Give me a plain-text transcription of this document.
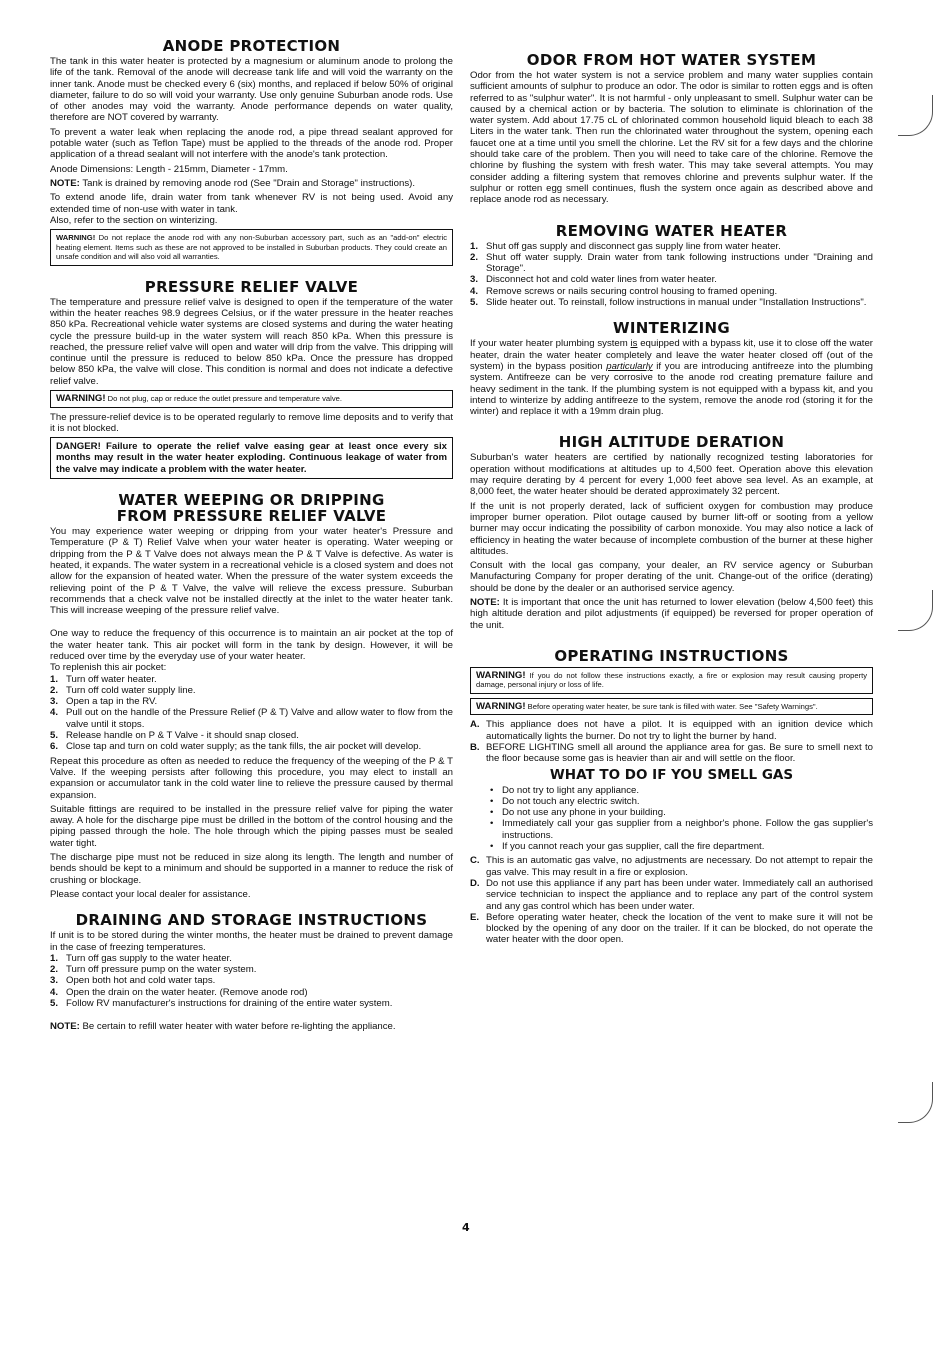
ANODE PROTECTION

The tank in this water heater is protected by a magnesium or aluminum anode to prolong the life of the tank. Removal of the anode will decrease tank life and will void the warranty on the inner tank. Anode must be checked every 6 (six) months, and replaced if below 50% of original diameter, failure to do so will void your warranty. Use only genuine Suburban anode rods. Use of other anodes may void the warranty. Anode performance depends on water quality, therefore are NOT covered by warranty.

To prevent a water leak when replacing the anode rod, a pipe thread sealant approved for potable water (such as Teflon Tape) must be applied to the threads of the anode rod. Proper application of a thread sealant will not interfere with the anode's tank protection.

Anode Dimensions: Length - 215mm, Diameter - 17mm.

NOTE: Tank is drained by removing anode rod (See "Drain and Storage" instructions).

To extend anode life, drain water from tank whenever RV is not being used. Avoid any extended time of non-use with water in tank.

Also, refer to the section on winterizing.

WARNING! Do not replace the anode rod with any non-Suburban accessory part, such as an "add-on" electric heating element. Items such as these are not approved to be installed in Suburban products. They could create an unsafe condition and will also void all warranties.

PRESSURE RELIEF VALVE

The temperature and pressure relief valve is designed to open if the temperature of the water within the heater reaches 98.9 degrees Celsius, or if the water pressure in the heater reaches 850 kPa. Recreational vehicle water systems are closed systems and during the water heating cycle the pressure build-up in the water system will reach 850 kPa. When this pressure is reached, the pressure relief valve will open and water will drip from the valve. This dripping will continue until the pressure is reduced to below 850 kPa. Once the pressure has dropped below 850 kPa, the valve will close. This condition is normal and does not indicate a defective relief valve.

WARNING! Do not plug, cap or reduce the outlet pressure and temperature valve.

The pressure-relief device is to be operated regularly to remove lime deposits and to verify that it is not blocked.

DANGER! Failure to operate the relief valve easing gear at least once every six months may result in the water heater exploding. Continuous leakage of water from the valve may indicate a problem with the water heater.

WATER WEEPING OR DRIPPING
FROM PRESSURE RELIEF VALVE

You may experience water weeping or dripping from your water heater's Pressure and Temperature (P & T) Relief Valve when your water heater is operating. Water weeping or dripping from the P & T Valve does not always mean the P & T Valve is defective. As water is heated, it expands. The water system in a recreational vehicle is a closed system and does not allow for the expansion of heated water. When the pressure of the water system exceeds the relieving point of the P & T Valve, the valve will relieve the excess pressure. Suburban recommends that a check valve not be installed directly at the inlet to the water heater tank. This will increase weeping of the pressure relief valve.

One way to reduce the frequency of this occurrence is to maintain an air pocket at the top of the water heater tank. This air pocket will form in the tank by design. However, it will be reduced over time by the everyday use of your water heater.

To replenish this air pocket:

1. Turn off water heater.
2. Turn off cold water supply line.
3. Open a tap in the RV.
4. Pull out on the handle of the Pressure Relief (P & T) Valve and allow water to flow from the valve until it stops.
5. Release handle on P & T Valve - it should snap closed.
6. Close tap and turn on cold water supply; as the tank fills, the air pocket will develop.

Repeat this procedure as often as needed to reduce the frequency of the weeping of the P & T Valve. If the weeping persists after following this procedure, you may elect to install an expansion or accumulator tank in the cold water line to relieve the pressure caused by thermal expansion.

Suitable fittings are required to be installed in the pressure relief valve for piping the water away. A hole for the discharge pipe must be drilled in the bottom of the control housing and the piping passed through the hole. The hole through which the piping passes must be sealed water tight.

The discharge pipe must not be reduced in size along its length. The length and number of bends should be kept to a minimum and should be supported in a manner to reduce the risk of crushing or blockage.

Please contact your local dealer for assistance.

DRAINING AND STORAGE INSTRUCTIONS

If unit is to be stored during the winter months, the heater must be drained to prevent damage in the case of freezing temperatures.

1. Turn off gas supply to the water heater.
2. Turn off pressure pump on the water system.
3. Open both hot and cold water taps.
4. Open the drain on the water heater. (Remove anode rod)
5. Follow RV manufacturer's instructions for draining of the entire water system.

NOTE: Be certain to refill water heater with water before re-lighting the appliance.

ODOR FROM HOT WATER SYSTEM

Odor from the hot water system is not a service problem and many water supplies contain sufficient amounts of sulphur to produce an odor. The odor is similar to rotten eggs and is often referred to as "sulphur water". It is not harmful - only unpleasant to smell. Sulphur water can be caused by a chemical action or by bacteria. The solution to eliminate is chlorination of the water system. Add about 17.75 cL of chlorinated common household liquid bleach to each 38 Liters in the water tank. Then run the chlorinated water throughout the system, opening each faucet one at a time until you smell the chlorine. Let the RV sit for a few days and the chlorine should take care of the problem. Then you will need to take care of the chlorine. Remove the chlorine by flushing the system with fresh water. This may take several attempts. You may consider adding a filtering system that removes chlorine and prevents sulphur water. If the sulphur or rotten egg smell continues, flush the system once again as described above and replace anode rod as necessary.

REMOVING WATER HEATER
1. Shut off gas supply and disconnect gas supply line from water heater.
2. Shut off water supply. Drain water from tank following instructions under "Draining and Storage".
3. Disconnect hot and cold water lines from water heater.
4. Remove screws or nails securing control housing to framed opening.
5. Slide heater out. To reinstall, follow instructions in manual under "Installation Instructions".
WINTERIZING

If your water heater plumbing system is equipped with a bypass kit, use it to close off the water heater, drain the water heater completely and leave the water heater closed off (out of the system) in the bypass position particularly if you are introducing antifreeze into the plumbing system. Antifreeze can be very corrosive to the anode rod creating premature failure and heavy sediment in the tank. If the plumbing system is not equipped with a bypass kit, and you intend to winterize by adding antifreeze to the system, remove the anode rod (storing it for the winter) and replace it with a 19mm drain plug.

HIGH ALTITUDE DERATION

Suburban's water heaters are certified by nationally recognized testing laboratories for operation without modifications at altitudes up to 4,500 feet. Operation above this elevation may require derating by 4 percent for every 1,000 feet above sea level. As an example, at 8,000 feet, the water heater should be derated approximately 32 percent.

If the unit is not properly derated, lack of sufficient oxygen for combustion may produce improper burner operation. Pilot outage caused by burner lift-off or sooting from a yellow burner may occur indicating the possibility of carbon monoxide. You may also notice a lack of efficiency in heating the water because of incomplete combustion of the burner at these higher altitudes.

Consult with the local gas company, your dealer, an RV service agency or Suburban Manufacturing Company for proper derating of the unit. Change-out of the orifice (derating) should be done by the dealer or an authorised service agency.

NOTE: It is important that once the unit has returned to lower elevation (below 4,500 feet) this high altitude deration and pilot adjustments (if equipped) be reversed for proper operation of the unit.

OPERATING INSTRUCTIONS

WARNING! If you do not follow these instructions exactly, a fire or explosion may result causing property damage, personal injury or loss of life.

WARNING! Before operating water heater, be sure tank is filled with water. See "Safety Warnings".

A. This appliance does not have a pilot. It is equipped with an ignition device which automatically lights the burner. Do not try to light the burner by hand.
B. BEFORE LIGHTING smell all around the appliance area for gas. Be sure to smell next to the floor because some gas is heavier than air and will settle on the floor.
WHAT TO DO IF YOU SMELL GAS
• Do not try to light any appliance.
• Do not touch any electric switch.
• Do not use any phone in your building.
• Immediately call your gas supplier from a neighbor's phone. Follow the gas supplier's instructions.
• If you cannot reach your gas supplier, call the fire department.
C. This is an automatic gas valve, no adjustments are necessary. Do not attempt to repair the gas valve. This may result in a fire or explosion.
D. Do not use this appliance if any part has been under water. Immediately call an authorised service technician to inspect the appliance and to replace any part of the control system and any gas control which has been under water.
E. Before operating water heater, check the location of the vent to make sure it will not be blocked by the opening of any door on the trailer. If it can be blocked, do not operate the water heater with the door open.
4
